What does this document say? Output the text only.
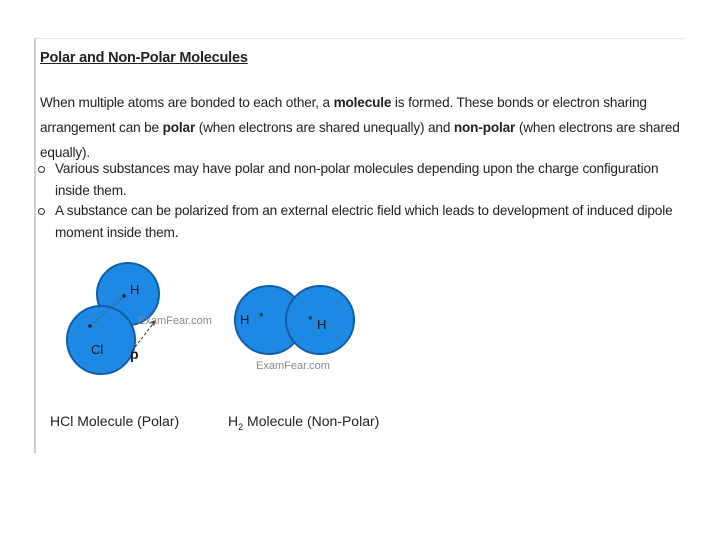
Polar and Non-Polar Molecules
When multiple atoms are bonded to each other, a molecule is formed. These bonds or electron sharing arrangement can be polar (when electrons are shared unequally) and non-polar (when electrons are shared equally).
Various substances may have polar and non-polar molecules depending upon the charge configuration inside them.
A substance can be polarized from an external electric field which leads to development of induced dipole moment inside them.
H
Cl p
ExamFear.com
HCl Molecule (Polar)
H *	* H
ExamFear.com
$H_2$ Molecule (Non-Polar)
